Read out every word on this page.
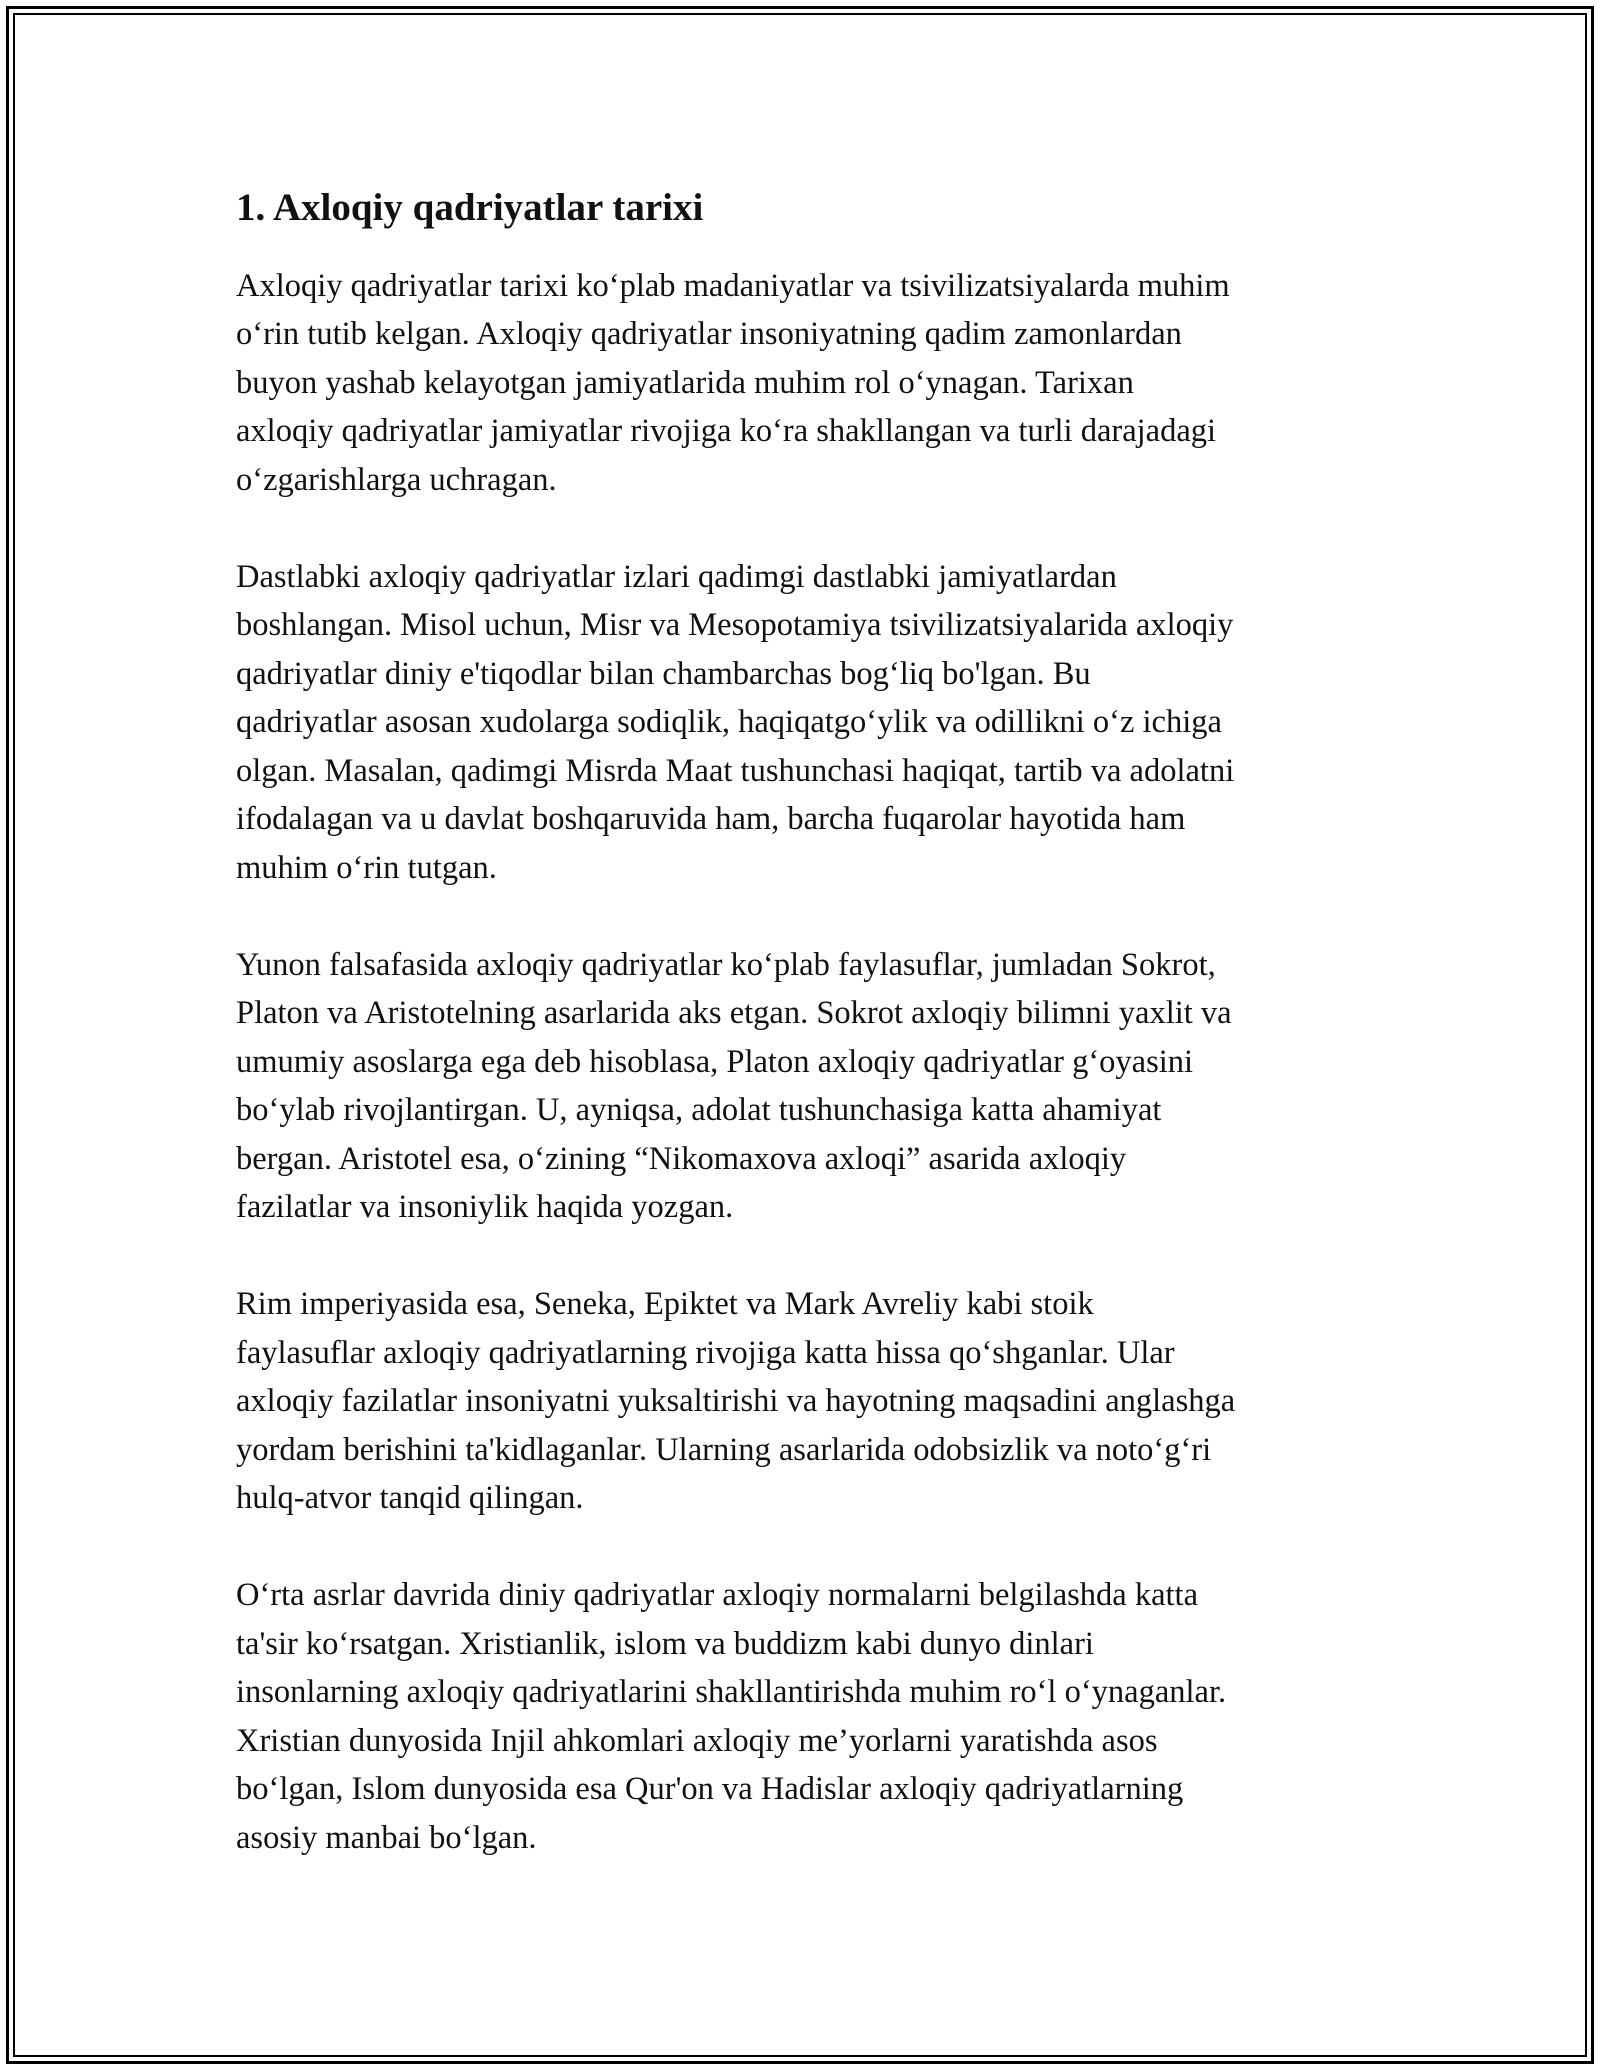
1. Axloqiy qadriyatlar tarixi

Axloqiy qadriyatlar tarixi ko‘plab madaniyatlar va tsivilizatsiyalarda muhim
o‘rin tutib kelgan. Axloqiy qadriyatlar insoniyatning qadim zamonlardan
buyon yashab kelayotgan jamiyatlarida muhim rol o‘ynagan. Tarixan
axloqiy qadriyatlar jamiyatlar rivojiga ko‘ra shakllangan va turli darajadagi
o‘zgarishlarga uchragan.

Dastlabki axloqiy qadriyatlar izlari qadimgi dastlabki jamiyatlardan
boshlangan. Misol uchun, Misr va Mesopotamiya tsivilizatsiyalarida axloqiy
qadriyatlar diniy e'tiqodlar bilan chambarchas bog‘liq bo'lgan. Bu
qadriyatlar asosan xudolarga sodiqlik, haqiqatgo‘ylik va odillikni o‘z ichiga
olgan. Masalan, qadimgi Misrda Maat tushunchasi haqiqat, tartib va adolatni
ifodalagan va u davlat boshqaruvida ham, barcha fuqarolar hayotida ham
muhim o‘rin tutgan.

Yunon falsafasida axloqiy qadriyatlar ko‘plab faylasuflar, jumladan Sokrot,
Platon va Aristotelning asarlarida aks etgan. Sokrot axloqiy bilimni yaxlit va
umumiy asoslarga ega deb hisoblasa, Platon axloqiy qadriyatlar g‘oyasini
bo‘ylab rivojlantirgan. U, ayniqsa, adolat tushunchasiga katta ahamiyat
bergan. Aristotel esa, o‘zining “Nikomaxova axloqi” asarida axloqiy
fazilatlar va insoniylik haqida yozgan.

Rim imperiyasida esa, Seneka, Epiktet va Mark Avreliy kabi stoik
faylasuflar axloqiy qadriyatlarning rivojiga katta hissa qo‘shganlar. Ular
axloqiy fazilatlar insoniyatni yuksaltirishi va hayotning maqsadini anglashga
yordam berishini ta'kidlaganlar. Ularning asarlarida odobsizlik va noto‘g‘ri
hulq-atvor tanqid qilingan.

O‘rta asrlar davrida diniy qadriyatlar axloqiy normalarni belgilashda katta
ta'sir ko‘rsatgan. Xristianlik, islom va buddizm kabi dunyo dinlari
insonlarning axloqiy qadriyatlarini shakllantirishda muhim ro‘l o‘ynaganlar.
Xristian dunyosida Injil ahkomlari axloqiy me’yorlarni yaratishda asos
bo‘lgan, Islom dunyosida esa Qur'on va Hadislar axloqiy qadriyatlarning
asosiy manbai bo‘lgan.
